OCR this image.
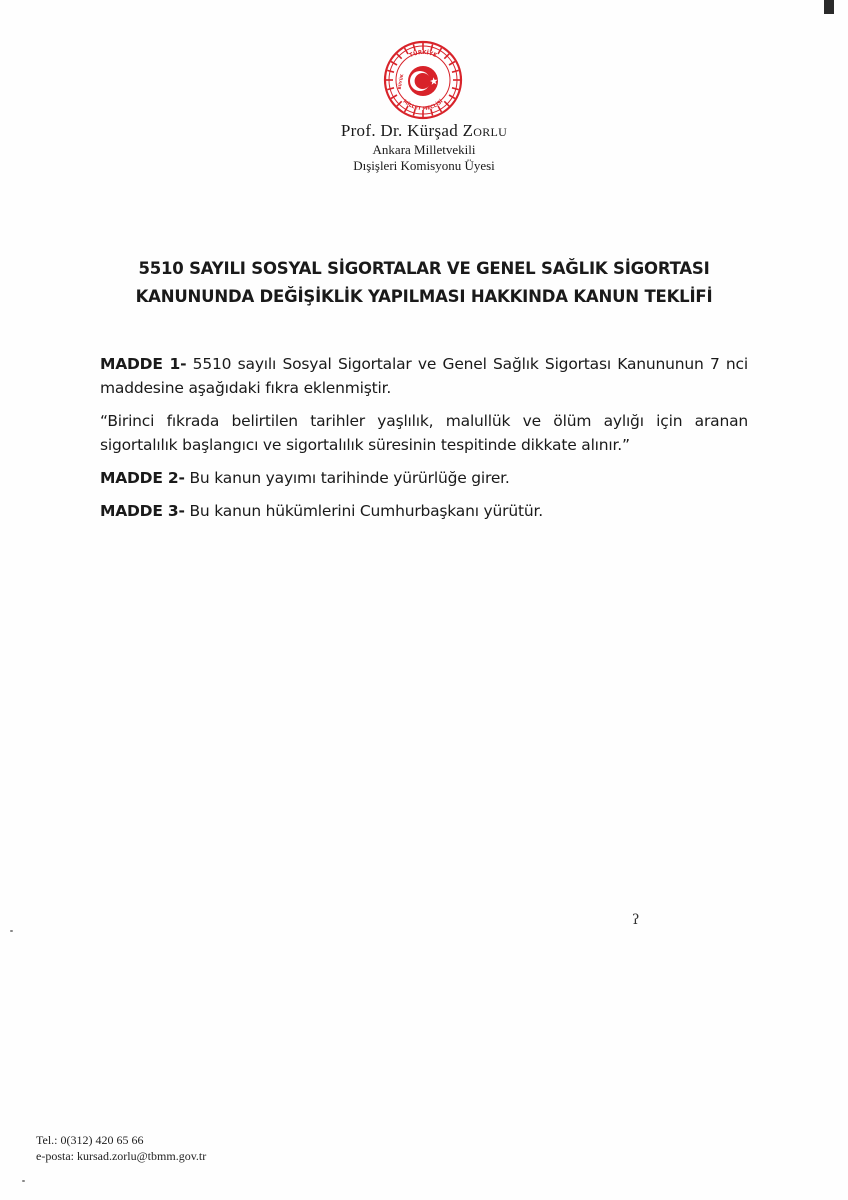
TÜRKİYE
MİLLET MECLİSİ
BÜYÜK

Prof. Dr. Kürşad Zorlu

Ankara Milletvekili

Dışişleri Komisyonu Üyesi

5510 SAYILI SOSYAL SİGORTALAR VE GENEL SAĞLIK SİGORTASI
KANUNUNDA DEĞİŞİKLİK YAPILMASI HAKKINDA KANUN TEKLİFİ

MADDE 1- 5510 sayılı Sosyal Sigortalar ve Genel Sağlık Sigortası Kanununun 7 nci maddesine aşağıdaki fıkra eklenmiştir.

“Birinci fıkrada belirtilen tarihler yaşlılık, malullük ve ölüm aylığı için aranan sigortalılık başlangıcı ve sigortalılık süresinin tespitinde dikkate alınır.”

MADDE 2- Bu kanun yayımı tarihinde yürürlüğe girer.

MADDE 3- Bu kanun hükümlerini Cumhurbaşkanı yürütür.

ʔ

Tel.: 0(312) 420 65 66

e-posta: kursad.zorlu@tbmm.gov.tr
